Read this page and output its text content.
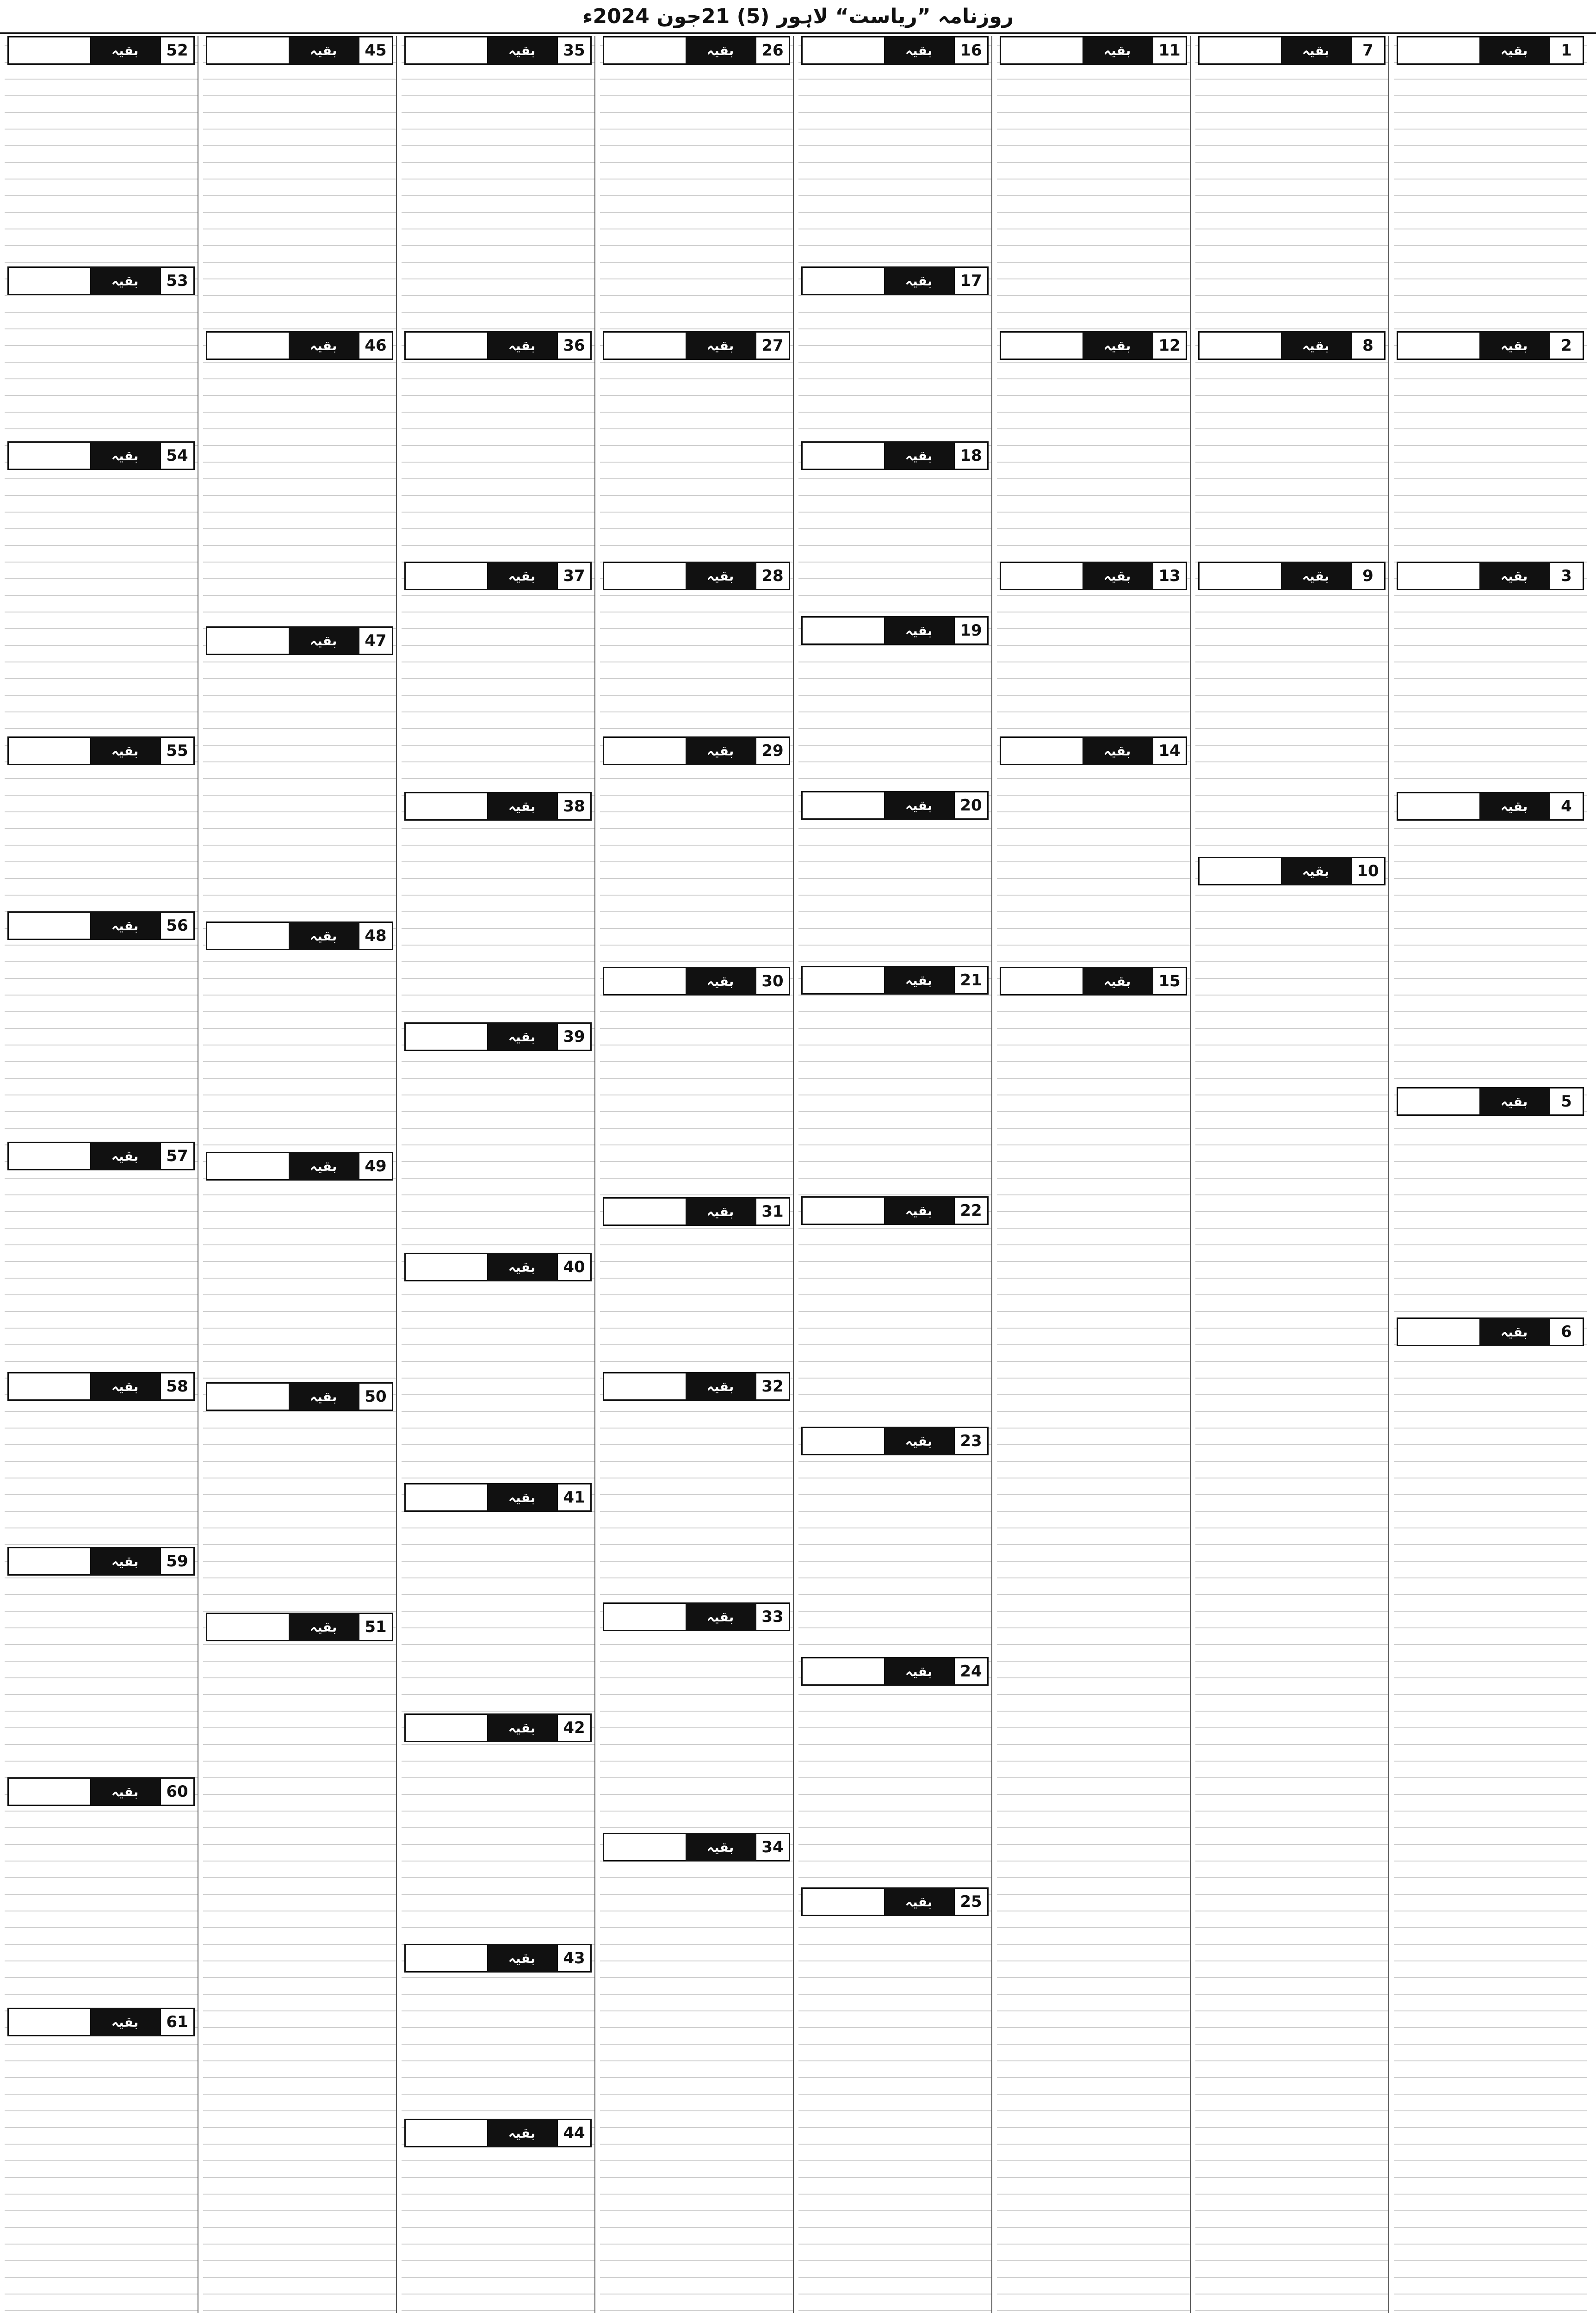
روزنامہ ”ریاست“ لاہور (5) 21جون 2024ء
1
بقیہ
2
بقیہ
3
بقیہ
4
بقیہ
5
بقیہ
6
بقیہ
7
بقیہ
8
بقیہ
9
بقیہ
10
بقیہ
11
بقیہ
12
بقیہ
13
بقیہ
14
بقیہ
15
بقیہ
16
بقیہ
17
بقیہ
18
بقیہ
19
بقیہ
20
بقیہ
21
بقیہ
22
بقیہ
23
بقیہ
24
بقیہ
25
بقیہ
26
بقیہ
27
بقیہ
28
بقیہ
29
بقیہ
30
بقیہ
31
بقیہ
32
بقیہ
33
بقیہ
34
بقیہ
35
بقیہ
36
بقیہ
37
بقیہ
38
بقیہ
39
بقیہ
40
بقیہ
41
بقیہ
42
بقیہ
43
بقیہ
44
بقیہ
45
بقیہ
46
بقیہ
47
بقیہ
48
بقیہ
49
بقیہ
50
بقیہ
51
بقیہ
52
بقیہ
53
بقیہ
54
بقیہ
55
بقیہ
56
بقیہ
57
بقیہ
58
بقیہ
59
بقیہ
60
بقیہ
61
بقیہ
